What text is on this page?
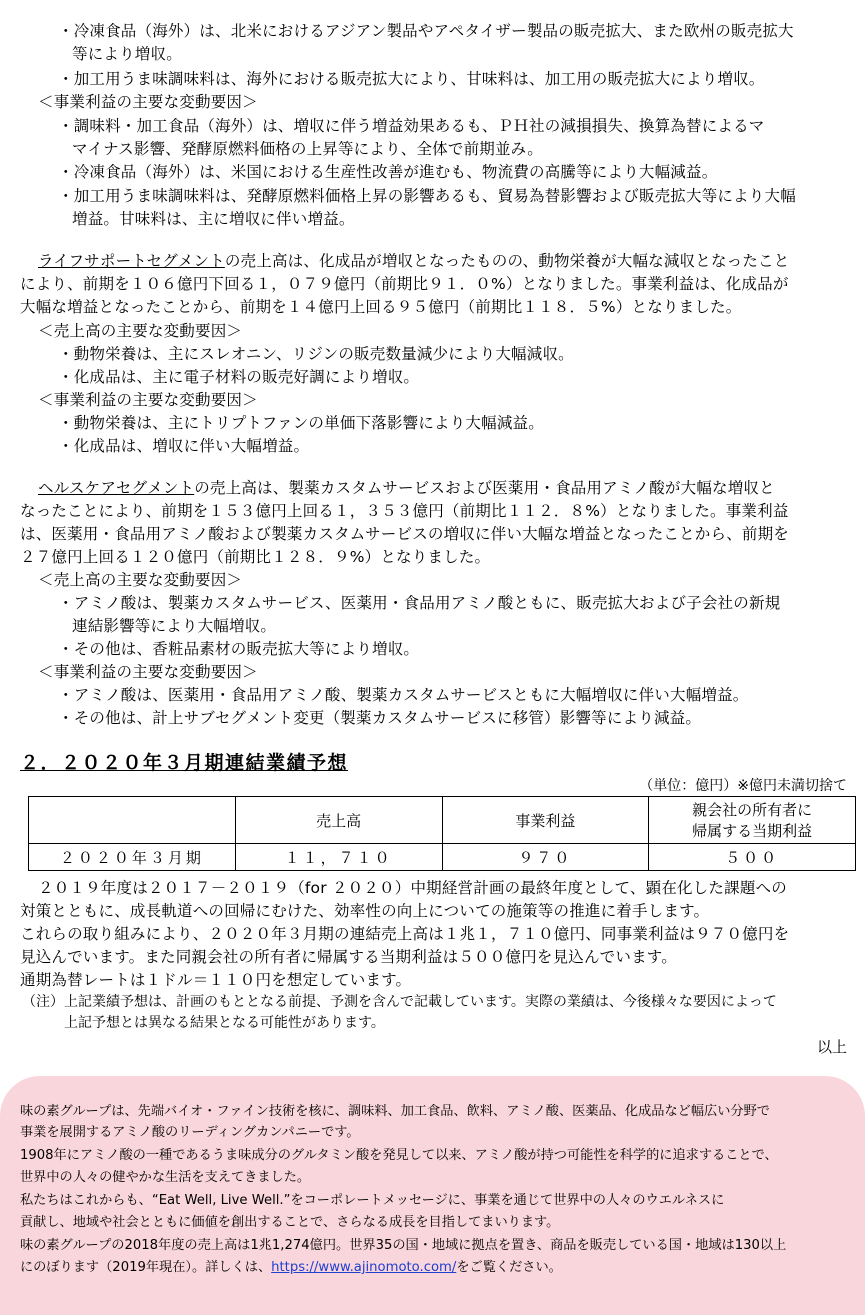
・冷凍食品（海外）は、北米におけるアジアン製品やアペタイザー製品の販売拡大、また欧州の販売拡大
等により増収。
・加工用うま味調味料は、海外における販売拡大により、甘味料は、加工用の販売拡大により増収。
＜事業利益の主要な変動要因＞
・調味料・加工食品（海外）は、増収に伴う増益効果あるも、ＰＨ社の減損損失、換算為替によるマ
マイナス影響、発酵原燃料価格の上昇等により、全体で前期並み。
・冷凍食品（海外）は、米国における生産性改善が進むも、物流費の高騰等により大幅減益。
・加工用うま味調味料は、発酵原燃料価格上昇の影響あるも、貿易為替影響および販売拡大等により大幅
増益。甘味料は、主に増収に伴い増益。
ライフサポートセグメントの売上高は、化成品が増収となったものの、動物栄養が大幅な減収となったこと
により、前期を１０６億円下回る１，０７９億円（前期比９１．０%）となりました。事業利益は、化成品が
大幅な増益となったことから、前期を１４億円上回る９５億円（前期比１１８．５%）となりました。
＜売上高の主要な変動要因＞
・動物栄養は、主にスレオニン、リジンの販売数量減少により大幅減収。
・化成品は、主に電子材料の販売好調により増収。
＜事業利益の主要な変動要因＞
・動物栄養は、主にトリプトファンの単価下落影響により大幅減益。
・化成品は、増収に伴い大幅増益。
ヘルスケアセグメントの売上高は、製薬カスタムサービスおよび医薬用・食品用アミノ酸が大幅な増収と
なったことにより、前期を１５３億円上回る１，３５３億円（前期比１１２．８%）となりました。事業利益
は、医薬用・食品用アミノ酸および製薬カスタムサービスの増収に伴い大幅な増益となったことから、前期を
２７億円上回る１２０億円（前期比１２８．９%）となりました。
＜売上高の主要な変動要因＞
・アミノ酸は、製薬カスタムサービス、医薬用・食品用アミノ酸ともに、販売拡大および子会社の新規
連結影響等により大幅増収。
・その他は、香粧品素材の販売拡大等により増収。
＜事業利益の主要な変動要因＞
・アミノ酸は、医薬用・食品用アミノ酸、製薬カスタムサービスともに大幅増収に伴い大幅増益。
・その他は、計上サブセグメント変更（製薬カスタムサービスに移管）影響等により減益。
２．２０２０年３月期連結業績予想
（単位：億円）※億円未満切捨て
	売上高	事業利益	親会社の所有者に
帰属する当期利益
２０２０年３月期	１１，７１０	９７０	５００
２０１９年度は２０１７－２０１９（for ２０２０）中期経営計画の最終年度として、顕在化した課題への
対策とともに、成長軌道への回帰にむけた、効率性の向上についての施策等の推進に着手します。
これらの取り組みにより、２０２０年３月期の連結売上高は１兆１，７１０億円、同事業利益は９７０億円を
見込んでいます。また同親会社の所有者に帰属する当期利益は５００億円を見込んでいます。
通期為替レートは１ドル＝１１０円を想定しています。
（注）上記業績予想は、計画のもととなる前提、予測を含んで記載しています。実際の業績は、今後様々な要因によって
上記予想とは異なる結果となる可能性があります。
以上
味の素グループは、先端バイオ・ファイン技術を核に、調味料、加工食品、飲料、アミノ酸、医薬品、化成品など幅広い分野で
事業を展開するアミノ酸のリーディングカンパニーです。
1908年にアミノ酸の一種であるうま味成分のグルタミン酸を発見して以来、アミノ酸が持つ可能性を科学的に追求することで、
世界中の人々の健やかな生活を支えてきました。
私たちはこれからも、“Eat Well, Live Well.”をコーポレートメッセージに、事業を通じて世界中の人々のウエルネスに
貢献し、地域や社会とともに価値を創出することで、さらなる成長を目指してまいります。
味の素グループの2018年度の売上高は1兆1,274億円。世界35の国・地域に拠点を置き、商品を販売している国・地域は130以上
にのぼります（2019年現在）。詳しくは、https://www.ajinomoto.com/をご覧ください。
